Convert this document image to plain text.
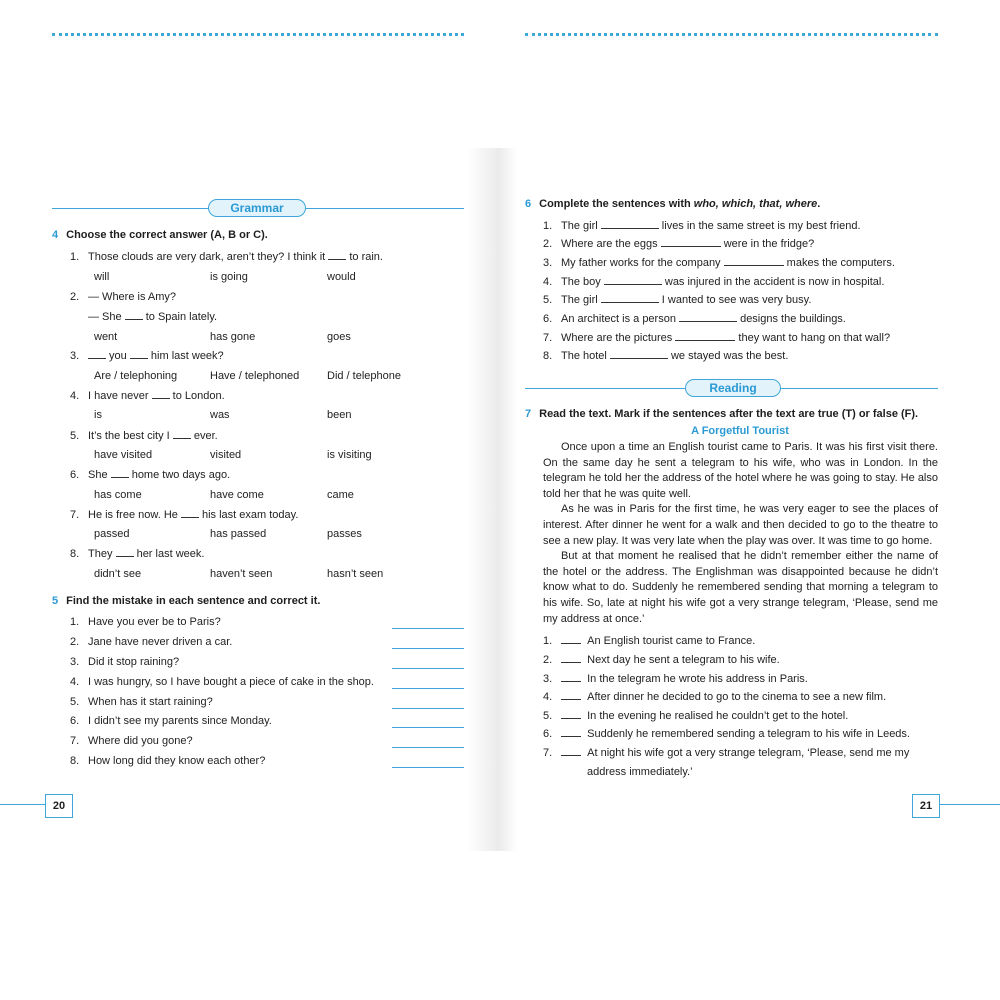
Grammar
4 Choose the correct answer (A, B or C).
1. Those clouds are very dark, aren’t they? I think it  to rain.
will	is going	would
2. — Where is Amy?
— She  to Spain lately.
went	has gone	goes
3. you  him last week?
Are / telephoning	Have / telephoned	Did / telephone
4. I have never  to London.
is	was	been
5. It’s the best city I  ever.
have visited	visited	is visiting
6. She  home two days ago.
has come	have come	came
7. He is free now. He  his last exam today.
passed	has passed	passes
8. They  her last week.
didn’t see	haven’t seen	hasn’t seen
5 Find the mistake in each sentence and correct it.
1. Have you ever be to Paris?
2. Jane have never driven a car.
3. Did it stop raining?
4. I was hungry, so I have bought a piece of cake in the shop.
5. When has it start raining?
6. I didn’t see my parents since Monday.
7. Where did you gone?
8. How long did they know each other?
20
6 Complete the sentences with who, which, that, where.
1. The girl	lives in the same street is my best friend.
2. Where are the eggs	were in the fridge?
3. My father works for the company	makes the computers.
4. The boy	was injured in the accident is now in hospital.
5. The girl	I wanted to see was very busy.
6. An architect is a person	designs the buildings.
7. Where are the pictures	they want to hang on that wall?
8. The hotel	we stayed was the best.
Reading
7 Read the text. Mark if the sentences after the text are true (T) or false (F).
A Forgetful Tourist

Once upon a time an English tourist came to Paris. It was his first visit there. On the same day he sent a telegram to his wife, who was in London. In the telegram he told her the address of the hotel where he was going to stay. He also told her that he was quite well.

As he was in Paris for the first time, he was very eager to see the places of interest. After dinner he went for a walk and then decided to go to the theatre to see a new play. It was very late when the play was over. It was time to go home.

But at that moment he realised that he didn’t remember either the name of the hotel or the address. The Englishman was disappointed because he didn’t know what to do. Suddenly he remembered sending that morning a telegram to his wife. So, late at night his wife got a very strange telegram, ‘Please, send me my address at once.’

1.	An English tourist came to France.
2.	Next day he sent a telegram to his wife.
3.	In the telegram he wrote his address in Paris.
4.	After dinner he decided to go to the cinema to see a new film.
5.	In the evening he realised he couldn’t get to the hotel.
6.	Suddenly he remembered sending a telegram to his wife in Leeds.
7.	At night his wife got a very strange telegram, ‘Please, send me my
address immediately.’
21
